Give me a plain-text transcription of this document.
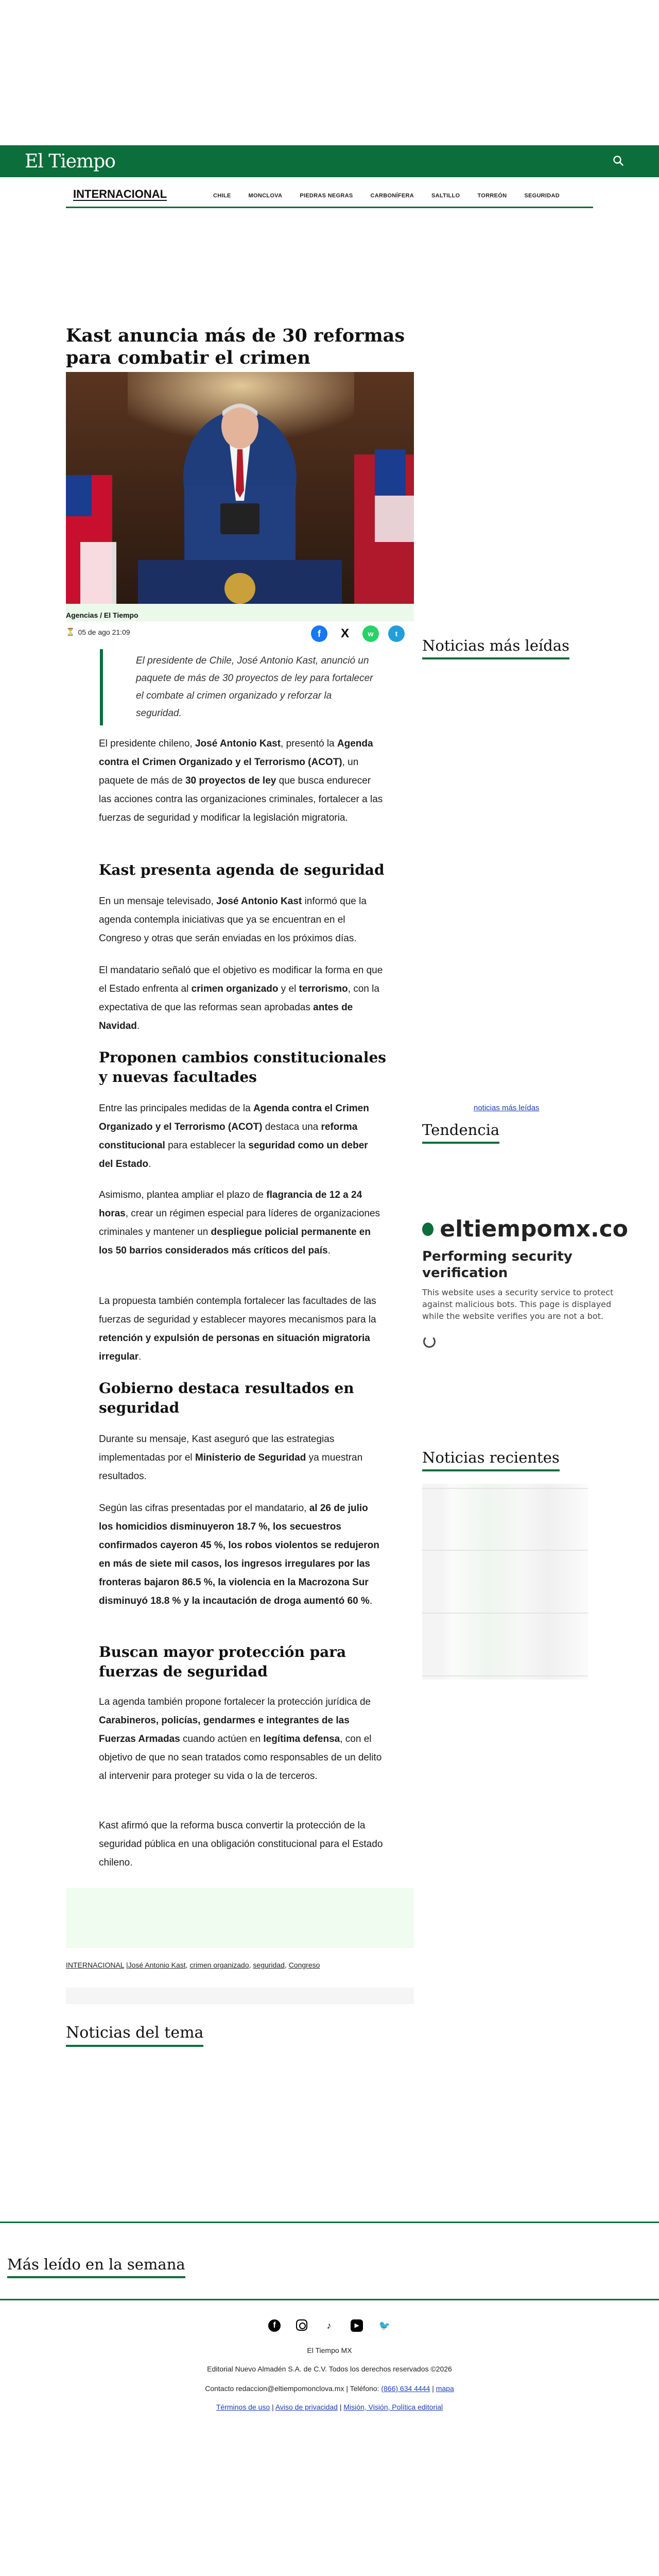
El Tiempo
INTERNACIONAL	CHILE	MONCLOVA	PIEDRAS NEGRAS	CARBONÍFERA	SALTILLO	TORREÓN	SEGURIDAD
Kast anuncia más de 30 reformas para combatir el crimen
Agencias / El Tiempo
⏳ 05 de ago 21:09	f	X	w	t
El presidente de Chile, José Antonio Kast, anunció un paquete de más de 30 proyectos de ley para fortalecer el combate al crimen organizado y reforzar la seguridad.

El presidente chileno, José Antonio Kast, presentó la Agenda contra el Crimen Organizado y el Terrorismo (ACOT), un paquete de más de 30 proyectos de ley que busca endurecer las acciones contra las organizaciones criminales, fortalecer a las fuerzas de seguridad y modificar la legislación migratoria.

Kast presenta agenda de seguridad

En un mensaje televisado, José Antonio Kast informó que la agenda contempla iniciativas que ya se encuentran en el Congreso y otras que serán enviadas en los próximos días.

El mandatario señaló que el objetivo es modificar la forma en que el Estado enfrenta al crimen organizado y el terrorismo, con la expectativa de que las reformas sean aprobadas antes de Navidad.

Proponen cambios constitucionales y nuevas facultades

Entre las principales medidas de la Agenda contra el Crimen Organizado y el Terrorismo (ACOT) destaca una reforma constitucional para establecer la seguridad como un deber del Estado.

Asimismo, plantea ampliar el plazo de flagrancia de 12 a 24 horas, crear un régimen especial para líderes de organizaciones criminales y mantener un despliegue policial permanente en los 50 barrios considerados más críticos del país.

La propuesta también contempla fortalecer las facultades de las fuerzas de seguridad y establecer mayores mecanismos para la retención y expulsión de personas en situación migratoria irregular.

Gobierno destaca resultados en seguridad

Durante su mensaje, Kast aseguró que las estrategias implementadas por el Ministerio de Seguridad ya muestran resultados.

Según las cifras presentadas por el mandatario, al 26 de julio los homicidios disminuyeron 18.7 %, los secuestros confirmados cayeron 45 %, los robos violentos se redujeron en más de siete mil casos, los ingresos irregulares por las fronteras bajaron 86.5 %, la violencia en la Macrozona Sur disminuyó 18.8 % y la incautación de droga aumentó 60 %.

Buscan mayor protección para fuerzas de seguridad

La agenda también propone fortalecer la protección jurídica de Carabineros, policías, gendarmes e integrantes de las Fuerzas Armadas cuando actúen en legítima defensa, con el objetivo de que no sean tratados como responsables de un delito al intervenir para proteger su vida o la de terceros.

Kast afirmó que la reforma busca convertir la protección de la seguridad pública en una obligación constitucional para el Estado chileno.

INTERNACIONAL |José Antonio Kast, crimen organizado, seguridad, Congreso
Noticias del tema
Noticias más leídas
noticias más leídas
Tendencia
eltiempomx.co
Performing security verification
This website uses a security service to protect against malicious bots. This page is displayed while the website verifies you are not a bot.
Noticias recientes
Más leído en la semana
f	♪	▶	🐦
El Tiempo MX
Editorial Nuevo Almadén S.A. de C.V. Todos los derechos reservados ©2026
Contacto redaccion@eltiempomonclova.mx | Teléfono: (866) 634 4444 | mapa
Términos de uso | Aviso de privacidad | Misión, Visión, Política editorial
